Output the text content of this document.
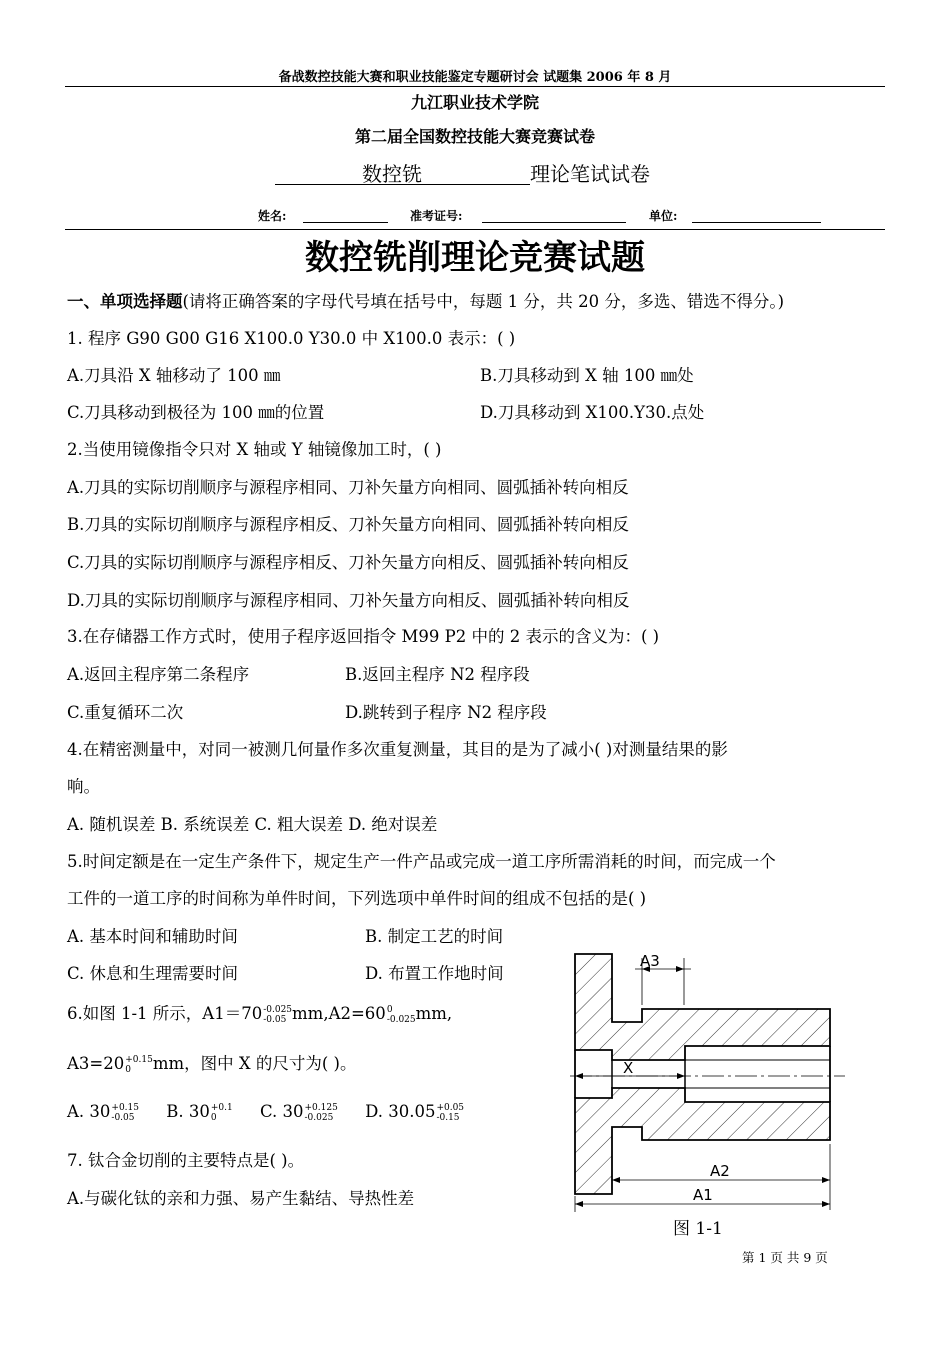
备战数控技能大赛和职业技能鉴定专题研讨会 试题集 2006 年 8 月
九江职业技术学院
第二届全国数控技能大赛竞赛试卷
数控铣	理论笔试试卷
姓名:	准考证号:	单位:
数控铣削理论竞赛试题
一、单项选择题(请将正确答案的字母代号填在括号中，每题 1 分，共 20 分，多选、错选不得分。)
1. 程序 G90 G00 G16 X100.0 Y30.0 中 X100.0 表示：( )
A.刀具沿 X 轴移动了 100 ㎜	B.刀具移动到 X 轴 100 ㎜处
C.刀具移动到极径为 100 ㎜的位置	D.刀具移动到 X100.Y30.点处
2.当使用镜像指令只对 X 轴或 Y 轴镜像加工时，( )
A.刀具的实际切削顺序与源程序相同、刀补矢量方向相同、圆弧插补转向相反
B.刀具的实际切削顺序与源程序相反、刀补矢量方向相同、圆弧插补转向相反
C.刀具的实际切削顺序与源程序相反、刀补矢量方向相反、圆弧插补转向相反
D.刀具的实际切削顺序与源程序相同、刀补矢量方向相反、圆弧插补转向相反
3.在存储器工作方式时，使用子程序返回指令 M99 P2 中的 2 表示的含义为：( )
A.返回主程序第二条程序	B.返回主程序 N2 程序段
C.重复循环二次	D.跳转到子程序 N2 程序段
4.在精密测量中，对同一被测几何量作多次重复测量，其目的是为了减小( )对测量结果的影
响。
A. 随机误差 B. 系统误差 C. 粗大误差 D. 绝对误差
5.时间定额是在一定生产条件下，规定生产一件产品或完成一道工序所需消耗的时间，而完成一个
工件的一道工序的时间称为单件时间，下列选项中单件时间的组成不包括的是( )
A. 基本时间和辅助时间	B. 制定工艺的时间
C. 休息和生理需要时间	D. 布置工作地时间
6.如图 1-1 所示，A1＝70 -0.025
-0.05 mm,A2=60 0
-0.025 mm,
A3=20 +0.15
0	mm，图中 X 的尺寸为( )。
A. 30 +0.15
-0.05 B. 30 +0.1
0	C. 30 +0.125
-0.025 D. 30.05 +0.05
-0.15
7. 钛合金切削的主要特点是( )。
A.与碳化钛的亲和力强、易产生黏结、导热性差
A3
X
A2
A1
图 1-1
第 1 页 共 9 页
